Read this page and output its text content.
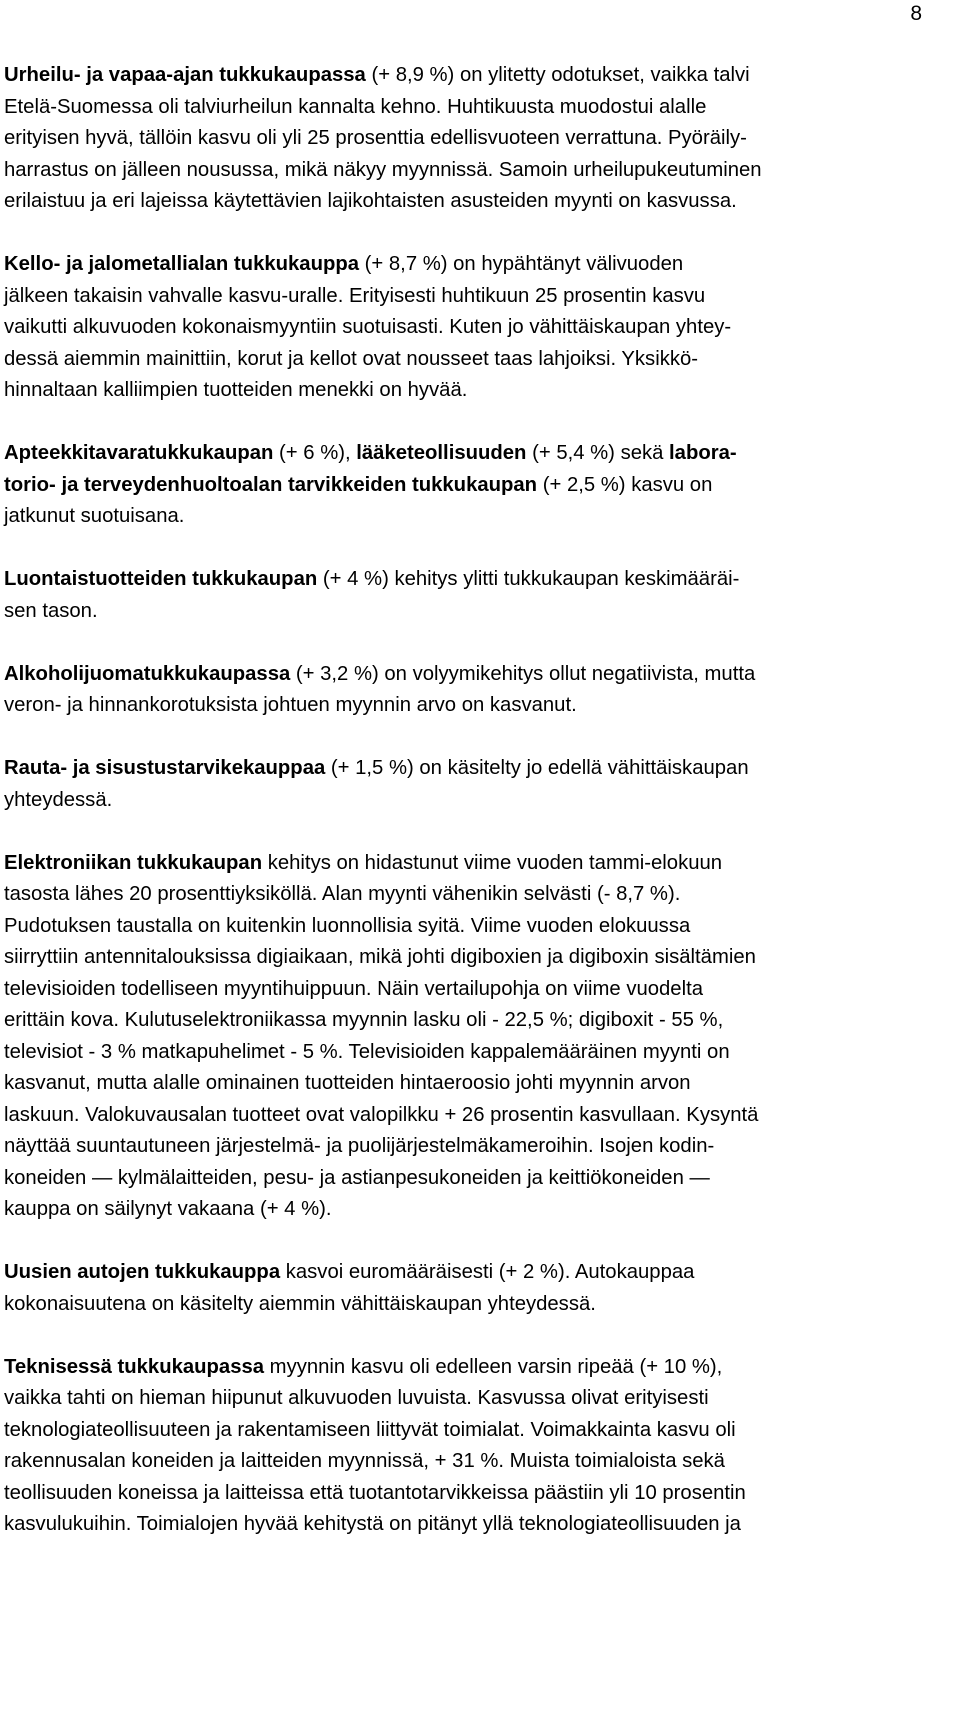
8
Urheilu- ja vapaa-ajan tukkukaupassa (+ 8,9 %) on ylitetty odotukset, vaikka talvi
Etelä-Suomessa oli talviurheilun kannalta kehno. Huhtikuusta muodostui alalle
erityisen hyvä, tällöin kasvu oli yli 25 prosenttia edellisvuoteen verrattuna. Pyöräily-
harrastus on jälleen nousussa, mikä näkyy myynnissä. Samoin urheilupukeutuminen
erilaistuu ja eri lajeissa käytettävien lajikohtaisten asusteiden myynti on kasvussa.
Kello- ja jalometallialan tukkukauppa (+ 8,7 %) on hypähtänyt välivuoden
jälkeen takaisin vahvalle kasvu-uralle. Erityisesti huhtikuun 25 prosentin kasvu
vaikutti alkuvuoden kokonaismyyntiin suotuisasti. Kuten jo vähittäiskaupan yhtey-
dessä aiemmin mainittiin, korut ja kellot ovat nousseet taas lahjoiksi. Yksikkö-
hinnaltaan kalliimpien tuotteiden menekki on hyvää.
Apteekkitavaratukkukaupan (+ 6 %), lääketeollisuuden (+ 5,4 %) sekä labora-
torio- ja terveydenhuoltoalan tarvikkeiden tukkukaupan (+ 2,5 %) kasvu on
jatkunut suotuisana.
Luontaistuotteiden tukkukaupan (+ 4 %) kehitys ylitti tukkukaupan keskimääräi-
sen tason.
Alkoholijuomatukkukaupassa (+ 3,2 %) on volyymikehitys ollut negatiivista, mutta
veron- ja hinnankorotuksista johtuen myynnin arvo on kasvanut.
Rauta- ja sisustustarvikekauppaa (+ 1,5 %) on käsitelty jo edellä vähittäiskaupan
yhteydessä.
Elektroniikan tukkukaupan kehitys on hidastunut viime vuoden tammi-elokuun
tasosta lähes 20 prosenttiyksiköllä. Alan myynti vähenikin selvästi (- 8,7 %).
Pudotuksen taustalla on kuitenkin luonnollisia syitä. Viime vuoden elokuussa
siirryttiin antennitalouksissa digiaikaan, mikä johti digiboxien ja digiboxin sisältämien
televisioiden todelliseen myyntihuippuun. Näin vertailupohja on viime vuodelta
erittäin kova. Kulutuselektroniikassa myynnin lasku oli - 22,5 %; digiboxit - 55 %,
televisiot - 3 % matkapuhelimet - 5 %. Televisioiden kappalemääräinen myynti on
kasvanut, mutta alalle ominainen tuotteiden hintaeroosio johti myynnin arvon
laskuun. Valokuvausalan tuotteet ovat valopilkku + 26 prosentin kasvullaan. Kysyntä
näyttää suuntautuneen järjestelmä- ja puolijärjestelmäkameroihin. Isojen kodin-
koneiden — kylmälaitteiden, pesu- ja astianpesukoneiden ja keittiökoneiden —
kauppa on säilynyt vakaana (+ 4 %).
Uusien autojen tukkukauppa kasvoi euromääräisesti (+ 2 %). Autokauppaa
kokonaisuutena on käsitelty aiemmin vähittäiskaupan yhteydessä.
Teknisessä tukkukaupassa myynnin kasvu oli edelleen varsin ripeää (+ 10 %),
vaikka tahti on hieman hiipunut alkuvuoden luvuista. Kasvussa olivat erityisesti
teknologiateollisuuteen ja rakentamiseen liittyvät toimialat. Voimakkainta kasvu oli
rakennusalan koneiden ja laitteiden myynnissä, + 31 %. Muista toimialoista sekä
teollisuuden koneissa ja laitteissa että tuotantotarvikkeissa päästiin yli 10 prosentin
kasvulukuihin. Toimialojen hyvää kehitystä on pitänyt yllä teknologiateollisuuden ja
